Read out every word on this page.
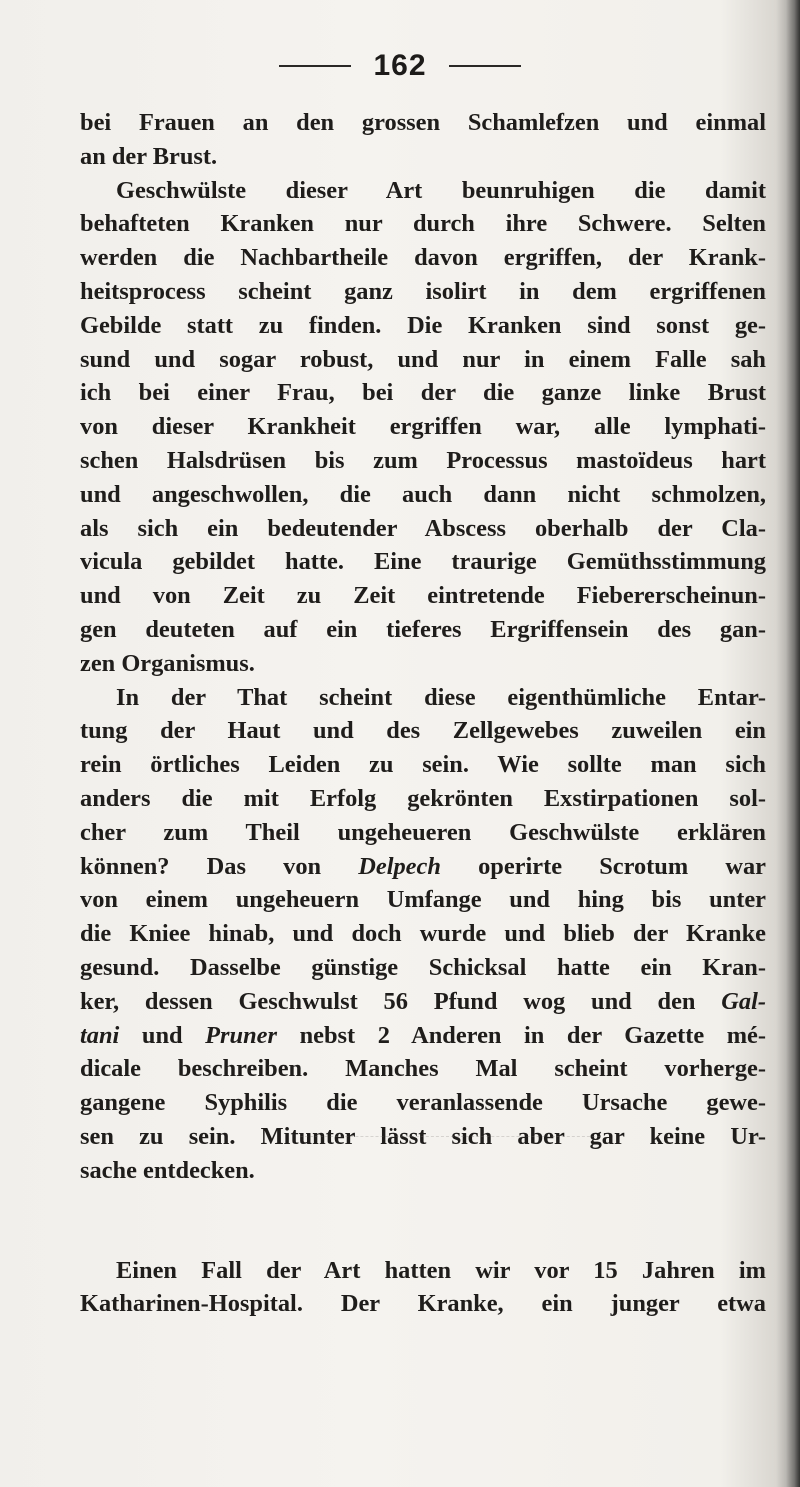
162
bei Frauen an den grossen Schamlefzen und einmal
an der Brust.
Geschwülste dieser Art beunruhigen die damit
behafteten Kranken nur durch ihre Schwere. Selten
werden die Nachbartheile davon ergriffen, der Krank-
heitsprocess scheint ganz isolirt in dem ergriffenen
Gebilde statt zu finden. Die Kranken sind sonst ge-
sund und sogar robust, und nur in einem Falle sah
ich bei einer Frau, bei der die ganze linke Brust
von dieser Krankheit ergriffen war, alle lymphati-
schen Halsdrüsen bis zum Processus mastoïdeus hart
und angeschwollen, die auch dann nicht schmolzen,
als sich ein bedeutender Abscess oberhalb der Cla-
vicula gebildet hatte. Eine traurige Gemüthsstimmung
und von Zeit zu Zeit eintretende Fiebererscheinun-
gen deuteten auf ein tieferes Ergriffensein des gan-
zen Organismus.
In der That scheint diese eigenthümliche Entar-
tung der Haut und des Zellgewebes zuweilen ein
rein örtliches Leiden zu sein. Wie sollte man sich
anders die mit Erfolg gekrönten Exstirpationen sol-
cher zum Theil ungeheueren Geschwülste erklären
können? Das von Delpech operirte Scrotum war
von einem ungeheuern Umfange und hing bis unter
die Kniee hinab, und doch wurde und blieb der Kranke
gesund. Dasselbe günstige Schicksal hatte ein Kran-
ker, dessen Geschwulst 56 Pfund wog und den Gal-
tani und Pruner nebst 2 Anderen in der Gazette mé-
dicale beschreiben. Manches Mal scheint vorherge-
gangene Syphilis die veranlassende Ursache gewe-
sen zu sein. Mitunter lässt sich aber gar keine Ur-
sache entdecken.
Einen Fall der Art hatten wir vor 15 Jahren im
Katharinen-Hospital. Der Kranke, ein junger etwa
